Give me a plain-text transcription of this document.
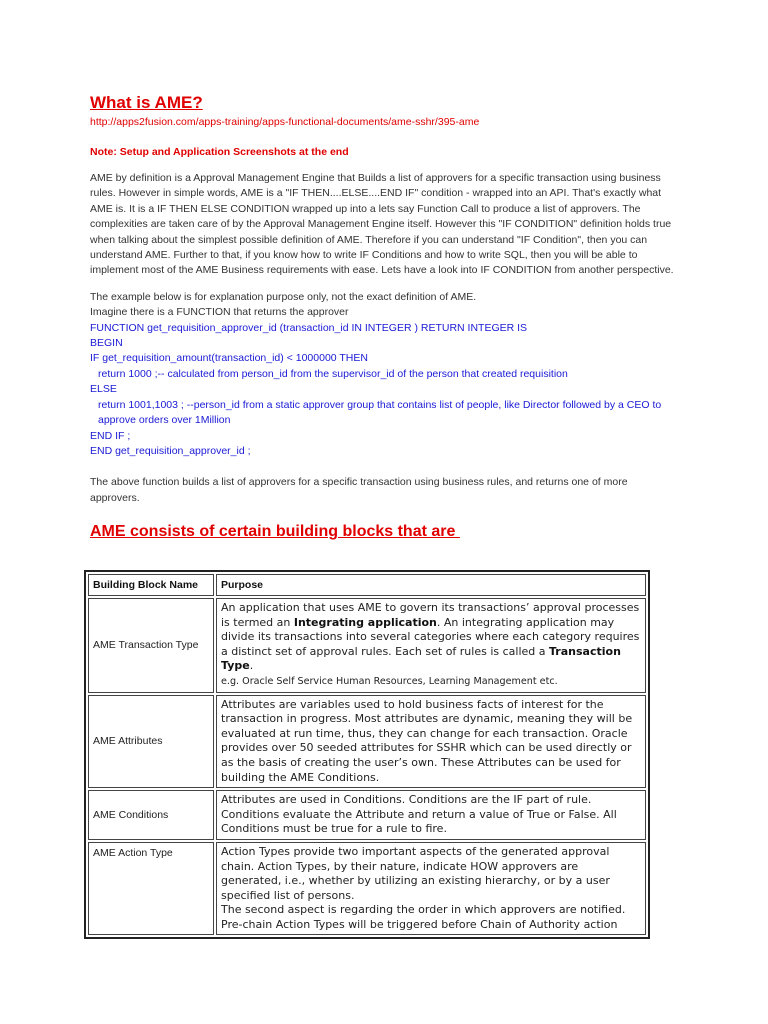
What is AME?
http://apps2fusion.com/apps-training/apps-functional-documents/ame-sshr/395-ame
Note: Setup and Application Screenshots at the end
AME by definition is a Approval Management Engine that Builds a list of approvers for a specific transaction using business rules. However in simple words, AME is a "IF THEN....ELSE....END IF" condition - wrapped into an API. That's exactly what AME is. It is a IF THEN ELSE CONDITION wrapped up into a lets say Function Call to produce a list of approvers. The complexities are taken care of by the Approval Management Engine itself. However this "IF CONDITION" definition holds true when talking about the simplest possible definition of AME. Therefore if you can understand "IF Condition", then you can understand AME. Further to that, if you know how to write IF Conditions and how to write SQL, then you will be able to implement most of the AME Business requirements with ease. Lets have a look into IF CONDITION from another perspective.
The example below is for explanation purpose only, not the exact definition of AME.
Imagine there is a FUNCTION that returns the approver
FUNCTION get_requisition_approver_id (transaction_id IN INTEGER ) RETURN INTEGER IS
BEGIN
IF get_requisition_amount(transaction_id) < 1000000 THEN
return 1000 ;-- calculated from person_id from the supervisor_id of the person that created requisition
ELSE
return 1001,1003 ; --person_id from a static approver group that contains list of people, like Director followed by a CEO to approve orders over 1Million
END IF ;
END get_requisition_approver_id ;
The above function builds a list of approvers for a specific transaction using business rules, and returns one of more approvers.
AME consists of certain building blocks that are
Building Block Name	Purpose
AME Transaction Type	An application that uses AME to govern its transactions’ approval processes is termed an Integrating application. An integrating application may divide its transactions into several categories where each category requires a distinct set of approval rules. Each set of rules is called a Transaction Type.
e.g. Oracle Self Service Human Resources, Learning Management etc.
AME Attributes	Attributes are variables used to hold business facts of interest for the transaction in progress. Most attributes are dynamic, meaning they will be evaluated at run time, thus, they can change for each transaction. Oracle provides over 50 seeded attributes for SSHR which can be used directly or as the basis of creating the user’s own. These Attributes can be used for building the AME Conditions.
AME Conditions	Attributes are used in Conditions. Conditions are the IF part of rule. Conditions evaluate the Attribute and return a value of True or False. All Conditions must be true for a rule to fire.
AME Action Type	Action Types provide two important aspects of the generated approval chain. Action Types, by their nature, indicate HOW approvers are generated, i.e., whether by utilizing an existing hierarchy, or by a user specified list of persons.
The second aspect is regarding the order in which approvers are notified. Pre-chain Action Types will be triggered before Chain of Authority action
